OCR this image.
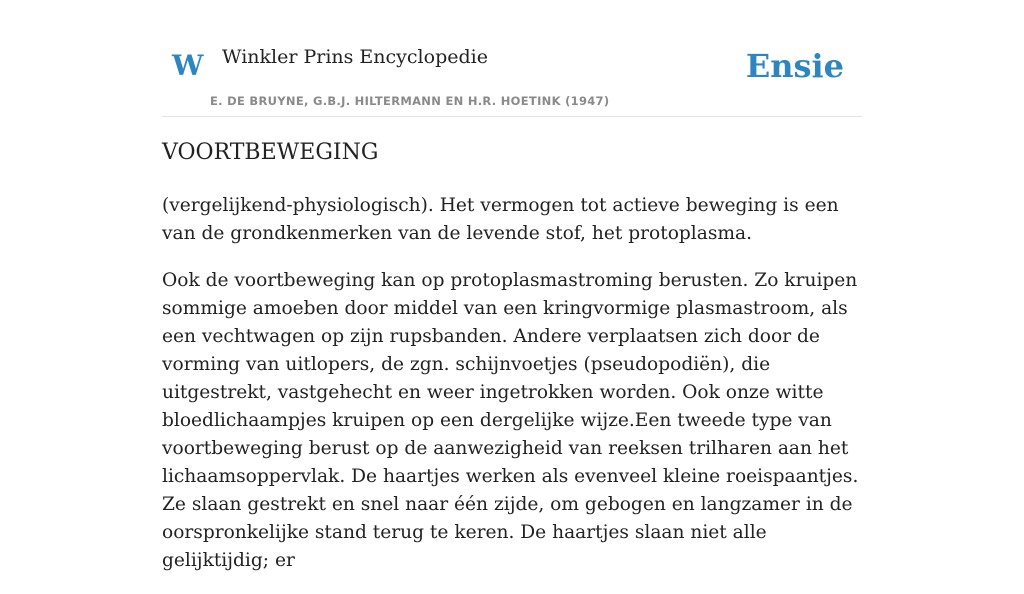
W Winkler Prins Encyclopedie
E. DE BRUYNE, G.B.J. HILTERMANN EN H.R. HOETINK (1947)
Ensie
VOORTBEWEGING

(vergelijkend-physiologisch). Het vermogen tot actieve beweging is een van de grondkenmerken van de levende stof, het protoplasma.

Ook de voortbeweging kan op protoplasmastroming berusten. Zo kruipen sommige amoeben door middel van een kringvormige plasmastroom, als een vechtwagen op zijn rupsbanden. Andere verplaatsen zich door de vorming van uitlopers, de zgn. schijnvoetjes (pseudopodiën), die uitgestrekt, vastgehecht en weer ingetrokken worden. Ook onze witte bloedlichaampjes kruipen op een dergelijke wijze.Een tweede type van voortbeweging berust op de aanwezigheid van reeksen trilharen aan het lichaamsoppervlak. De haartjes werken als evenveel kleine roeispaantjes. Ze slaan gestrekt en snel naar één zijde, om gebogen en langzamer in de oorspronkelijke stand terug te keren. De haartjes slaan niet alle gelijktijdig; er
